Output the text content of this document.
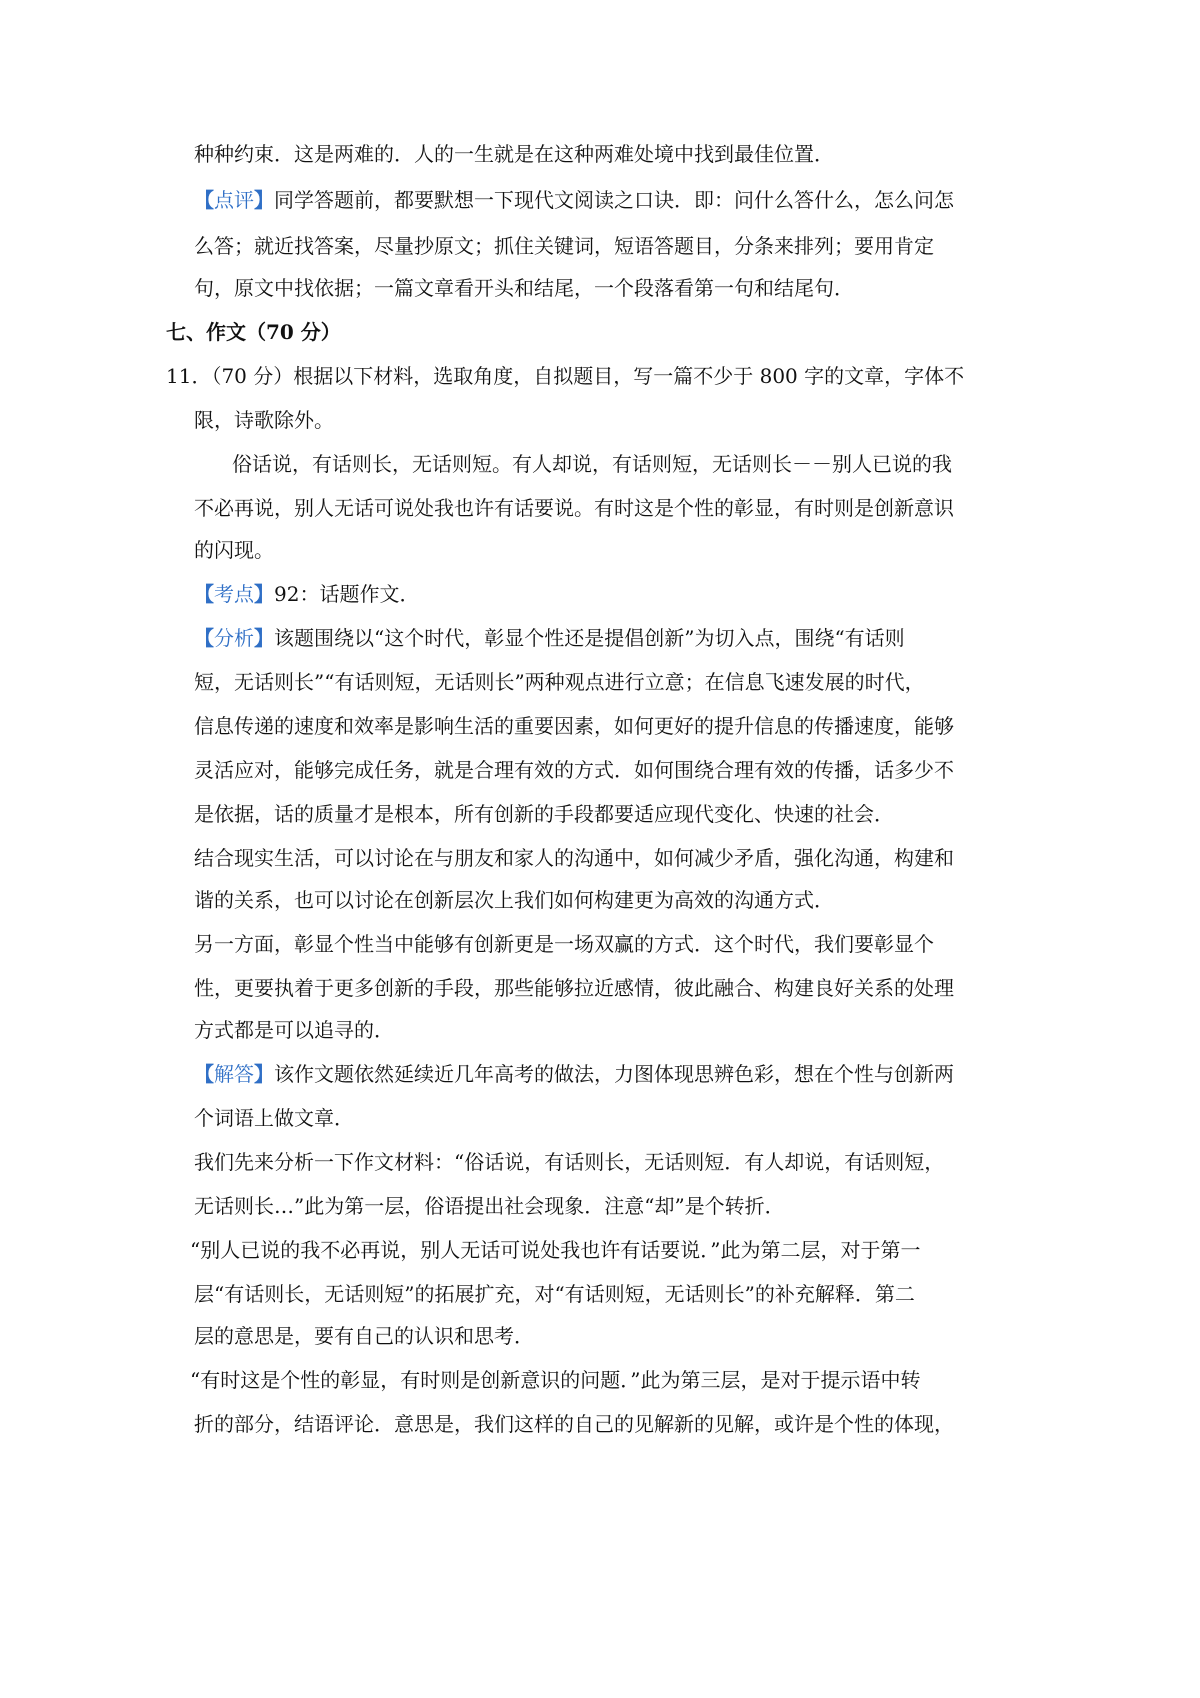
种种约束．这是两难的．人的一生就是在这种两难处境中找到最佳位置．
【点评】同学答题前，都要默想一下现代文阅读之口诀．即：问什么答什么，怎么问怎
么答；就近找答案，尽量抄原文；抓住关键词，短语答题目，分条来排列；要用肯定
句，原文中找依据；一篇文章看开头和结尾，一个段落看第一句和结尾句．
七、作文（70 分）
11．（70 分）根据以下材料，选取角度，自拟题目，写一篇不少于 800 字的文章，字体不
限，诗歌除外。
俗话说，有话则长，无话则短。有人却说，有话则短，无话则长－－别人已说的我
不必再说，别人无话可说处我也许有话要说。有时这是个性的彰显，有时则是创新意识
的闪现。
【考点】92：话题作文．
【分析】该题围绕以“这个时代，彰显个性还是提倡创新”为切入点，围绕“有话则
短，无话则长”“有话则短，无话则长”两种观点进行立意；在信息飞速发展的时代，
信息传递的速度和效率是影响生活的重要因素，如何更好的提升信息的传播速度，能够
灵活应对，能够完成任务，就是合理有效的方式．如何围绕合理有效的传播，话多少不
是依据，话的质量才是根本，所有创新的手段都要适应现代变化、快速的社会．
结合现实生活，可以讨论在与朋友和家人的沟通中，如何减少矛盾，强化沟通，构建和
谐的关系，也可以讨论在创新层次上我们如何构建更为高效的沟通方式．
另一方面，彰显个性当中能够有创新更是一场双赢的方式．这个时代，我们要彰显个
性，更要执着于更多创新的手段，那些能够拉近感情，彼此融合、构建良好关系的处理
方式都是可以追寻的．
【解答】该作文题依然延续近几年高考的做法，力图体现思辨色彩，想在个性与创新两
个词语上做文章．
我们先来分析一下作文材料：“俗话说，有话则长，无话则短．有人却说，有话则短，
无话则长…”此为第一层，俗语提出社会现象．注意“却”是个转折．
“别人已说的我不必再说，别人无话可说处我也许有话要说．”此为第二层，对于第一
层“有话则长，无话则短”的拓展扩充，对“有话则短，无话则长”的补充解释．第二
层的意思是，要有自己的认识和思考．
“有时这是个性的彰显，有时则是创新意识的问题．”此为第三层，是对于提示语中转
折的部分，结语评论．意思是，我们这样的自己的见解新的见解，或许是个性的体现，
